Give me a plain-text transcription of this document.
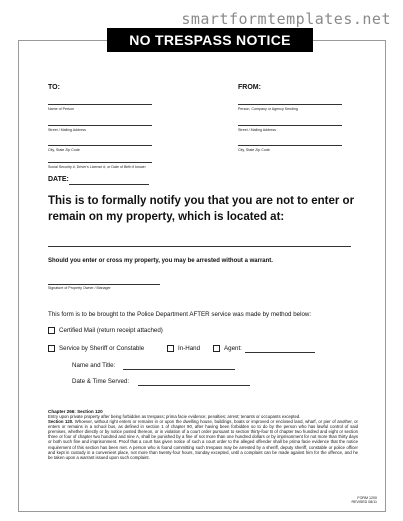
smartformtemplates.net
NO TRESPASS NOTICE
TO:
Name of Person
Street / Mailing Address
City, State Zip Code
Social Security #, Driver's License #, or Date of Birth if known
FROM:
Person, Company or Agency Sending
Street / Mailing Address
City, State Zip Code
DATE:
This is to formally notify you that you are not to enter or remain on my property, which is located at:
Should you enter or cross my property, you may be arrested without a warrant.
Signature of Property Owner / Manager
This form is to be brought to the Police Department AFTER service was made by method below:
Certified Mail (return receipt attached)
Service by Sheriff or Constable	In-Hand	Agent:
Name and Title:
Date & Time Served:
Chapter 266: Section 120
Entry upon private property after being forbidden as trespass; prima facie evidence; penalties; arrest; tenants or occupants excepted.
Section 120. Whoever, without right enters or remains in or upon the dwelling house, buildings, boats or improved or enclosed land, wharf, or pier of another, or enters or remains in a school bus, as defined in section 1 of chapter 90, after having been forbidden so to do by the person who has lawful control of said premises, whether directly or by notice posted thereon, or in violation of a court order pursuant to section thirty-four B of chapter two hundred and eight or section three or four of chapter two hundred and nine A, shall be punished by a fine of not more than one hundred dollars or by imprisonment for not more than thirty days or both such fine and imprisonment. Proof that a court has given notice of such a court order to the alleged offender shall be prima facie evidence that the notice requirement of this section has been met. A person who is found committing such trespass may be arrested by a sheriff, deputy sheriff, constable or police officer and kept in custody in a convenient place, not more than twenty-four hours, Sunday excepted, until a complaint can be made against him for the offence, and he be taken upon a warrant issued upon such complaint.
FORM 1200
REVISED 08/11
